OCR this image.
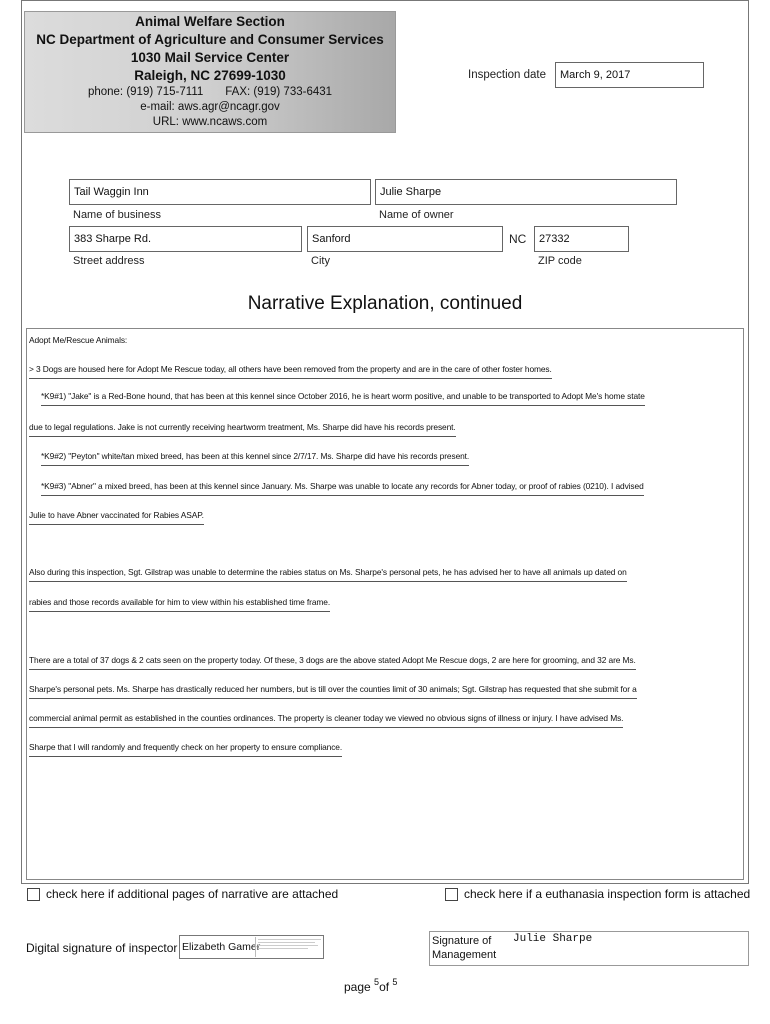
Animal Welfare Section
NC Department of Agriculture and Consumer Services
1030 Mail Service Center
Raleigh, NC 27699-1030
phone: (919) 715-7111 FAX: (919) 733-6431
e-mail: aws.agr@ncagr.gov
URL: www.ncaws.com
Inspection date	March 9, 2017
Tail Waggin Inn
Name of business
Julie Sharpe
Name of owner
383 Sharpe Rd.
Street address
Sanford
City
NC	27332
ZIP code
Narrative Explanation, continued
Adopt Me/Rescue Animals:
> 3 Dogs are housed here for Adopt Me Rescue today, all others have been removed from the property and are in the care of other foster homes.
*K9#1) "Jake" is a Red-Bone hound, that has been at this kennel since October 2016, he is heart worm positive, and unable to be transported to Adopt Me's home state
due to legal regulations. Jake is not currently receiving heartworm treatment, Ms. Sharpe did have his records present.
*K9#2) "Peyton" white/tan mixed breed, has been at this kennel since 2/7/17. Ms. Sharpe did have his records present.
*K9#3) "Abner" a mixed breed, has been at this kennel since January. Ms. Sharpe was unable to locate any records for Abner today, or proof of rabies (0210). I advised
Julie to have Abner vaccinated for Rabies ASAP.
Also during this inspection, Sgt. Gilstrap was unable to determine the rabies status on Ms. Sharpe's personal pets, he has advised her to have all animals up dated on
rabies and those records available for him to view within his established time frame.
There are a total of 37 dogs & 2 cats seen on the property today. Of these, 3 dogs are the above stated Adopt Me Rescue dogs, 2 are here for grooming, and 32 are Ms.
Sharpe's personal pets. Ms. Sharpe has drastically reduced her numbers, but is till over the counties limit of 30 animals; Sgt. Gilstrap has requested that she submit for a
commercial animal permit as established in the counties ordinances. The property is cleaner today we viewed no obvious signs of illness or injury. I have advised Ms.
Sharpe that I will randomly and frequently check on her property to ensure compliance.
check here if additional pages of narrative are attached	check here if a euthanasia inspection form is attached
Digital signature of inspector Elizabeth Gamer	Signature of
Management
Julie Sharpe
page $^5$of $^5$
